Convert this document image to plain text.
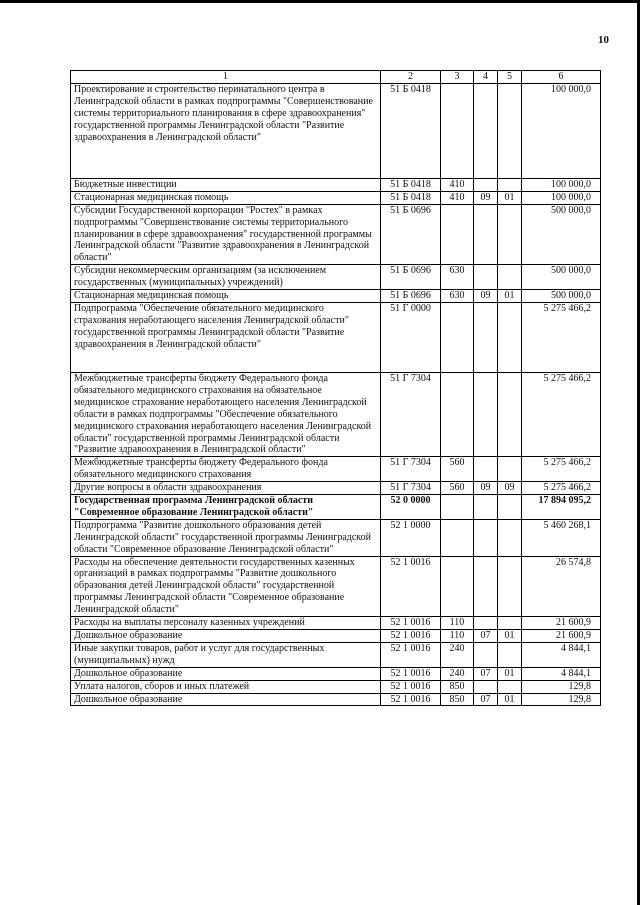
10
1	2	3	4	5	6
Проектирование и строительство перинатального центра в Ленинградской области в рамках подпрограммы "Совершенствование системы территориального планирования в сфере здравоохранения" государственной программы Ленинградской области "Развитие здравоохранения в Ленинградской области"	51 Б 0418				100 000,0
Бюджетные инвестиции	51 Б 0418	410			100 000,0
Стационарная медицинская помощь	51 Б 0418	410	09	01	100 000,0
Субсидии Государственной корпорации "Ростех" в рамках подпрограммы "Совершенствование системы территориального планирования в сфере здравоохранения" государственной программы Ленинградской области "Развитие здравоохранения в Ленинградской области"	51 Б 0696				500 000,0
Субсидии некоммерческим организациям (за исключением государственных (муниципальных) учреждений)	51 Б 0696	630			500 000,0
Стационарная медицинская помощь	51 Б 0696	630	09	01	500 000,0
Подпрограмма "Обеспечение обязательного медицинского страхования неработающего населения Ленинградской области" государственной программы Ленинградской области "Развитие здравоохранения в Ленинградской области"	51 Г 0000				5 275 466,2
Межбюджетные трансферты бюджету Федерального фонда обязательного медицинского страхования на обязательное медицинское страхование неработающего населения Ленинградской области в рамках подпрограммы "Обеспечение обязательного медицинского страхования неработающего населения Ленинградской области" государственной программы Ленинградской области "Развитие здравоохранения в Ленинградской области"	51 Г 7304				5 275 466,2
Межбюджетные трансферты бюджету Федерального фонда обязательного медицинского страхования	51 Г 7304	560			5 275 466,2
Другие вопросы в области здравоохранения	51 Г 7304	560	09	09	5 275 466,2
Государственная программа Ленинградской области "Современное образование Ленинградской области"	52 0 0000				17 894 095,2
Подпрограмма "Развитие дошкольного образования детей Ленинградской области" государственной программы Ленинградской области "Современное образование Ленинградской области"	52 1 0000				5 460 268,1
Расходы на обеспечение деятельности государственных казенных организаций в рамках подпрограммы "Развитие дошкольного образования детей Ленинградской области" государственной программы Ленинградской области "Современное образование Ленинградской области"	52 1 0016				26 574,8
Расходы на выплаты персоналу казенных учреждений	52 1 0016	110			21 600,9
Дошкольное образование	52 1 0016	110	07	01	21 600,9
Иные закупки товаров, работ и услуг для государственных (муниципальных) нужд	52 1 0016	240			4 844,1
Дошкольное образование	52 1 0016	240	07	01	4 844,1
Уплата налогов, сборов и иных платежей	52 1 0016	850			129,8
Дошкольное образование	52 1 0016	850	07	01	129,8
